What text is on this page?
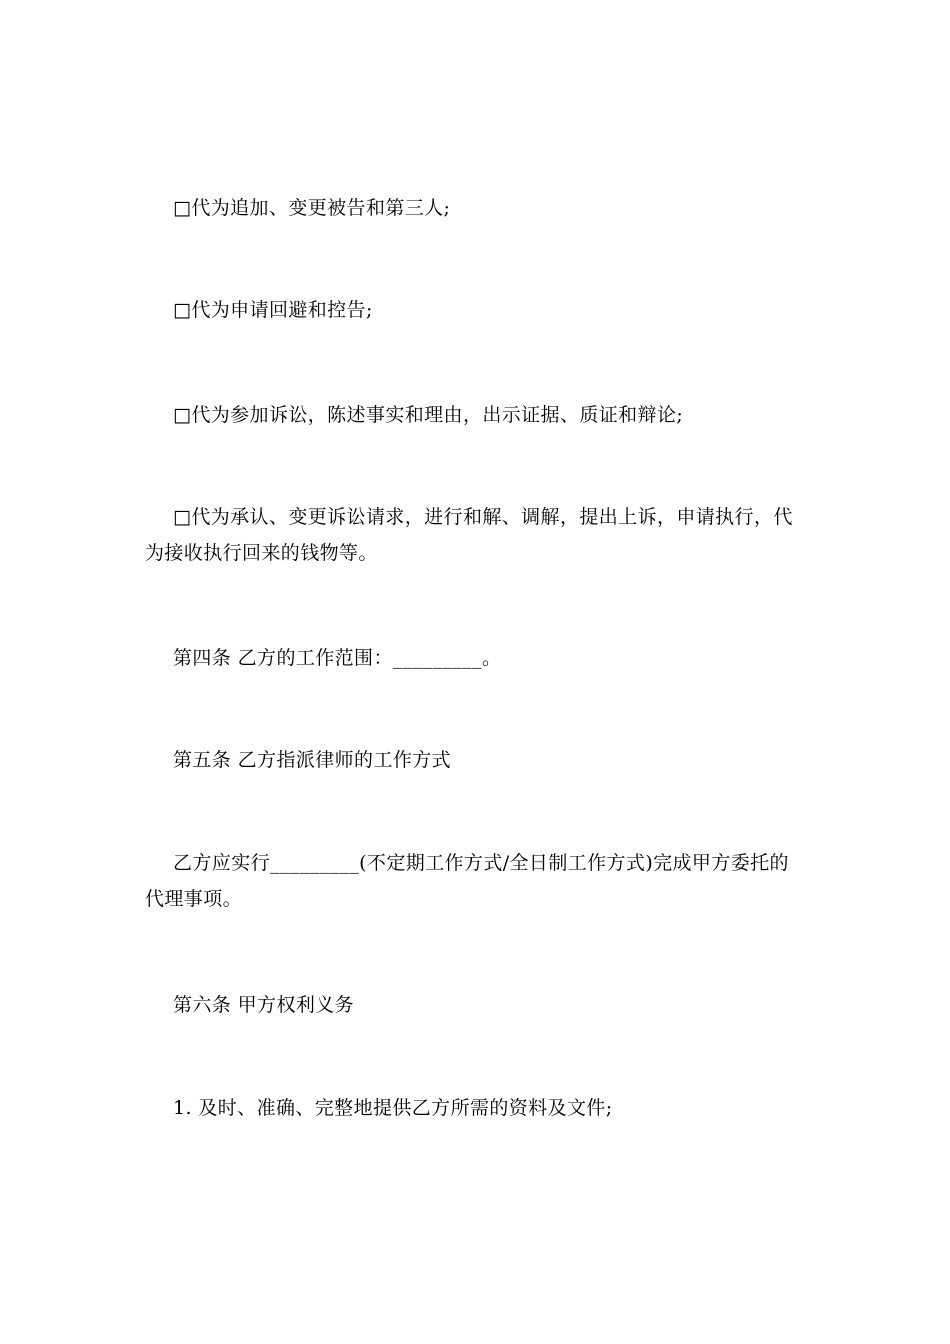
□代为追加、变更被告和第三人;

□代为申请回避和控告;

□代为参加诉讼，陈述事实和理由，出示证据、质证和辩论;

□代为承认、变更诉讼请求，进行和解、调解，提出上诉，申请执行，代为接收执行回来的钱物等。

第四条 乙方的工作范围：_________。

第五条 乙方指派律师的工作方式

乙方应实行_________(不定期工作方式/全日制工作方式)完成甲方委托的代理事项。

第六条 甲方权利义务

1. 及时、准确、完整地提供乙方所需的资料及文件;
